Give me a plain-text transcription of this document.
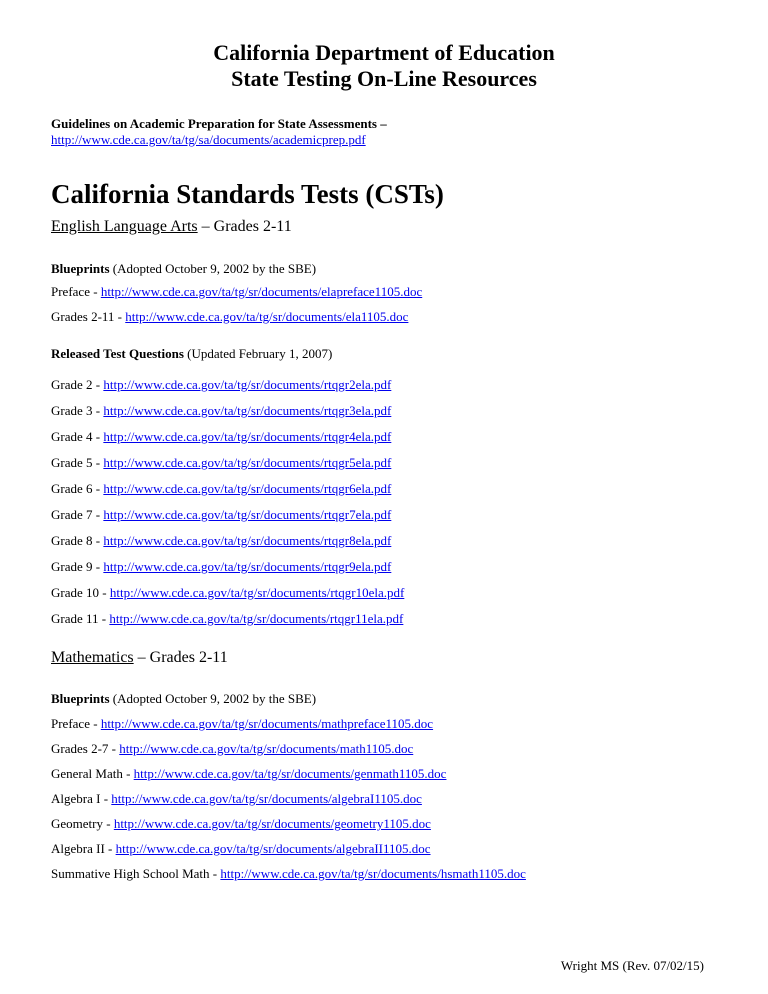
California Department of Education
State Testing On-Line Resources
Guidelines on Academic Preparation for State Assessments –
http://www.cde.ca.gov/ta/tg/sa/documents/academicprep.pdf
California Standards Tests (CSTs)
English Language Arts – Grades 2-11
Blueprints (Adopted October 9, 2002 by the SBE)
Preface - http://www.cde.ca.gov/ta/tg/sr/documents/elapreface1105.doc
Grades 2-11 - http://www.cde.ca.gov/ta/tg/sr/documents/ela1105.doc
Released Test Questions (Updated February 1, 2007)
Grade 2 - http://www.cde.ca.gov/ta/tg/sr/documents/rtqgr2ela.pdf
Grade 3 - http://www.cde.ca.gov/ta/tg/sr/documents/rtqgr3ela.pdf
Grade 4 - http://www.cde.ca.gov/ta/tg/sr/documents/rtqgr4ela.pdf
Grade 5 - http://www.cde.ca.gov/ta/tg/sr/documents/rtqgr5ela.pdf
Grade 6 - http://www.cde.ca.gov/ta/tg/sr/documents/rtqgr6ela.pdf
Grade 7 - http://www.cde.ca.gov/ta/tg/sr/documents/rtqgr7ela.pdf
Grade 8 - http://www.cde.ca.gov/ta/tg/sr/documents/rtqgr8ela.pdf
Grade 9 - http://www.cde.ca.gov/ta/tg/sr/documents/rtqgr9ela.pdf
Grade 10 - http://www.cde.ca.gov/ta/tg/sr/documents/rtqgr10ela.pdf
Grade 11 - http://www.cde.ca.gov/ta/tg/sr/documents/rtqgr11ela.pdf
Mathematics – Grades 2-11
Blueprints (Adopted October 9, 2002 by the SBE)
Preface - http://www.cde.ca.gov/ta/tg/sr/documents/mathpreface1105.doc
Grades 2-7 - http://www.cde.ca.gov/ta/tg/sr/documents/math1105.doc
General Math - http://www.cde.ca.gov/ta/tg/sr/documents/genmath1105.doc
Algebra I - http://www.cde.ca.gov/ta/tg/sr/documents/algebraI1105.doc
Geometry - http://www.cde.ca.gov/ta/tg/sr/documents/geometry1105.doc
Algebra II - http://www.cde.ca.gov/ta/tg/sr/documents/algebraII1105.doc
Summative High School Math - http://www.cde.ca.gov/ta/tg/sr/documents/hsmath1105.doc
Wright MS (Rev. 07/02/15)
